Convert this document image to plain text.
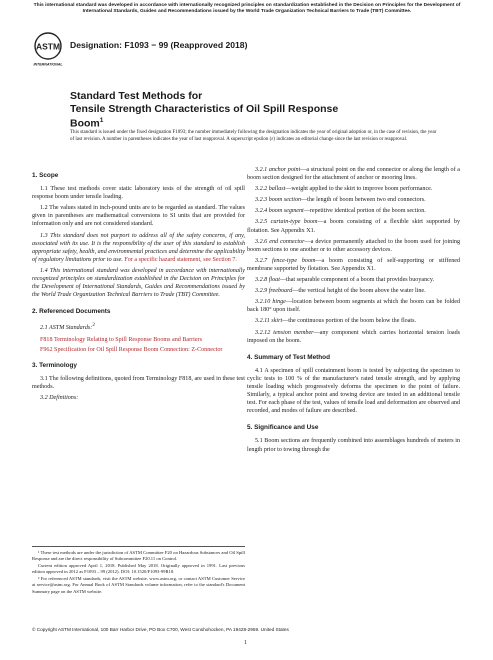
This international standard was developed in accordance with internationally recognized principles on standardization established in the Decision on Principles for the Development of International Standards, Guides and Recommendations issued by the World Trade Organization Technical Barriers to Trade (TBT) Committee.
ASTM
INTERNATIONAL
Designation: F1093 − 99 (Reapproved 2018)
Standard Test Methods for
Tensile Strength Characteristics of Oil Spill Response
Boom$^1$
This standard is issued under the fixed designation F1093; the number immediately following the designation indicates the year of original adoption or, in the case of revision, the year of last revision. A number in parentheses indicates the year of last reapproval. A superscript epsilon (ε) indicates an editorial change since the last revision or reapproval.
1. Scope
1.1 These test methods cover static laboratory tests of the strength of oil spill response boom under tensile loading.
1.2 The values stated in inch-pound units are to be regarded as standard. The values given in parentheses are mathematical conversions to SI units that are provided for information only and are not considered standard.
1.3 This standard does not purport to address all of the safety concerns, if any, associated with its use. It is the responsibility of the user of this standard to establish appropriate safety, health, and environmental practices and determine the applicability of regulatory limitations prior to use. For a specific hazard statement, see Section 7.
1.4 This international standard was developed in accordance with internationally recognized principles on standardization established in the Decision on Principles for the Development of International Standards, Guides and Recommendations issued by the World Trade Organization Technical Barriers to Trade (TBT) Committee.
2. Referenced Documents
2.1 ASTM Standards:$^2$
F818 Terminology Relating to Spill Response Booms and Barriers
F962 Specification for Oil Spill Response Boom Connection: Z-Connector
3. Terminology
3.1 The following definitions, quoted from Terminology F818, are used in these test methods.
3.2 Definitions:
¹ These test methods are under the jurisdiction of ASTM Committee F20 on Hazardous Substances and Oil Spill Response and are the direct responsibility of Subcommittee F20.11 on Control.
Current edition approved April 1, 2018. Published May 2018. Originally approved in 1991. Last previous edition approved in 2012 as F1093 – 99 (2012). DOI: 10.1520/F1093-99R18.
² For referenced ASTM standards, visit the ASTM website, www.astm.org, or contact ASTM Customer Service at service@astm.org. For Annual Book of ASTM Standards volume information, refer to the standard's Document Summary page on the ASTM website.
3.2.1 anchor point—a structural point on the end connector or along the length of a boom section designed for the attachment of anchor or mooring lines.
3.2.2 ballast—weight applied to the skirt to improve boom performance.
3.2.3 boom section—the length of boom between two end connectors.
3.2.4 boom segment—repetitive identical portion of the boom section.
3.2.5 curtain-type boom—a boom consisting of a flexible skirt supported by flotation. See Appendix X1.
3.2.6 end connector—a device permanently attached to the boom used for joining boom sections to one another or to other accessory devices.
3.2.7 fence-type boom—a boom consisting of self-supporting or stiffened membrane supported by flotation. See Appendix X1.
3.2.8 float—that separable component of a boom that provides buoyancy.
3.2.9 freeboard—the vertical height of the boom above the water line.
3.2.10 hinge—location between boom segments at which the boom can be folded back 180° upon itself.
3.2.11 skirt—the continuous portion of the boom below the floats.
3.2.12 tension member—any component which carries horizontal tension loads imposed on the boom.
4. Summary of Test Method
4.1 A specimen of spill containment boom is tested by subjecting the specimen to cyclic tests to 100 % of the manufacturer's rated tensile strength, and by applying tensile loading which progressively deforms the specimen to the point of failure. Similarly, a typical anchor point and towing device are tested in an additional tensile test. For each phase of the test, values of tensile load and deformation are observed and recorded, and modes of failure are described.
5. Significance and Use
5.1 Boom sections are frequently combined into assemblages hundreds of meters in length prior to towing through the
© Copyright ASTM International, 100 Barr Harbor Drive, PO Box C700, West Conshohocken, PA 19428-2959. United States
1
